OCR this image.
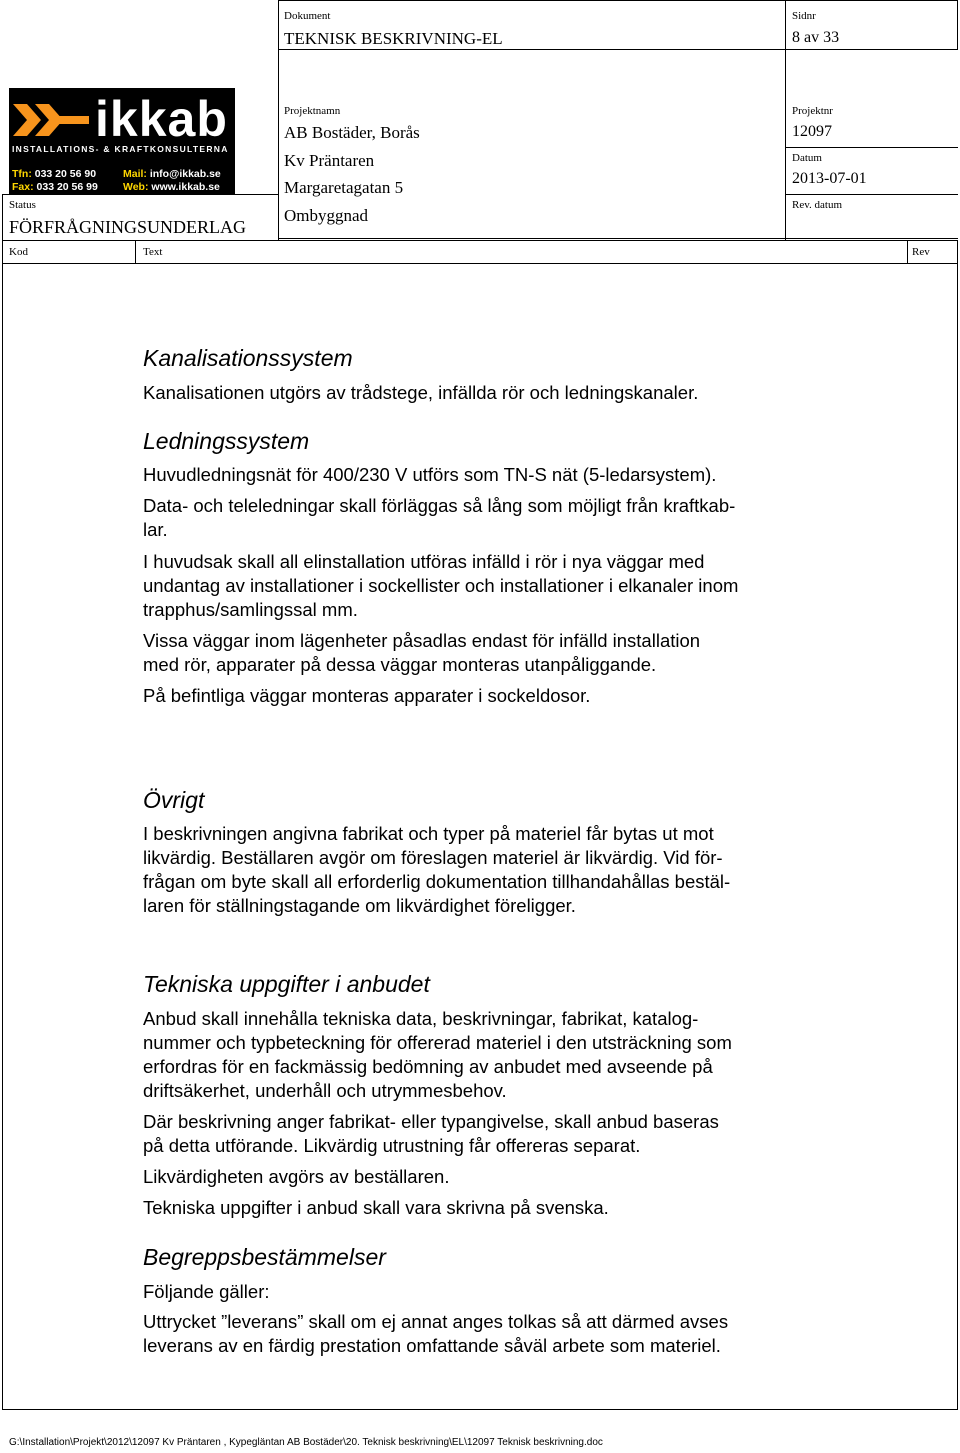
Dokument
TEKNISK BESKRIVNING-EL
Sidnr
8 av 33
Projektnamn
AB Bostäder, Borås
Kv Präntaren
Margaretagatan 5
Ombyggnad
Projektnr
12097
Datum
2013-07-01
Rev. datum
Status
FÖRFRÅGNINGSUNDERLAG
Kod	Text	Rev
ikkab
INSTALLATIONS- & KRAFTKONSULTERNA
Tfn: 033 20 56 90
Fax: 033 20 56 99
Mail: info@ikkab.se
Web: www.ikkab.se
Kanalisationssystem

Kanalisationen utgörs av trådstege, infällda rör och ledningskanaler.

Ledningssystem

Huvudledningsnät för 400/230 V utförs som TN-S nät (5-ledarsystem).

Data- och teleledningar skall förläggas så lång som möjligt från kraftkab-
lar.

I huvudsak skall all elinstallation utföras infälld i rör i nya väggar med
undantag av installationer i sockellister och installationer i elkanaler inom
trapphus/samlingssal mm.

Vissa väggar inom lägenheter påsadlas endast för infälld installation
med rör, apparater på dessa väggar monteras utanpåliggande.

På befintliga väggar monteras apparater i sockeldosor.

Övrigt

I beskrivningen angivna fabrikat och typer på materiel får bytas ut mot
likvärdig. Beställaren avgör om föreslagen materiel är likvärdig. Vid för-
frågan om byte skall all erforderlig dokumentation tillhandahållas bestäl-
laren för ställningstagande om likvärdighet föreligger.

Tekniska uppgifter i anbudet

Anbud skall innehålla tekniska data, beskrivningar, fabrikat, katalog-
nummer och typbeteckning för offererad materiel i den utsträckning som
erfordras för en fackmässig bedömning av anbudet med avseende på
driftsäkerhet, underhåll och utrymmesbehov.

Där beskrivning anger fabrikat- eller typangivelse, skall anbud baseras
på detta utförande. Likvärdig utrustning får offereras separat.

Likvärdigheten avgörs av beställaren.

Tekniska uppgifter i anbud skall vara skrivna på svenska.

Begreppsbestämmelser

Följande gäller:

Uttrycket ”leverans” skall om ej annat anges tolkas så att därmed avses
leverans av en färdig prestation omfattande såväl arbete som materiel.

G:\Installation\Projekt\2012\12097 Kv Präntaren , Kypegläntan AB Bostäder\20. Teknisk beskrivning\EL\12097 Teknisk beskrivning.doc
